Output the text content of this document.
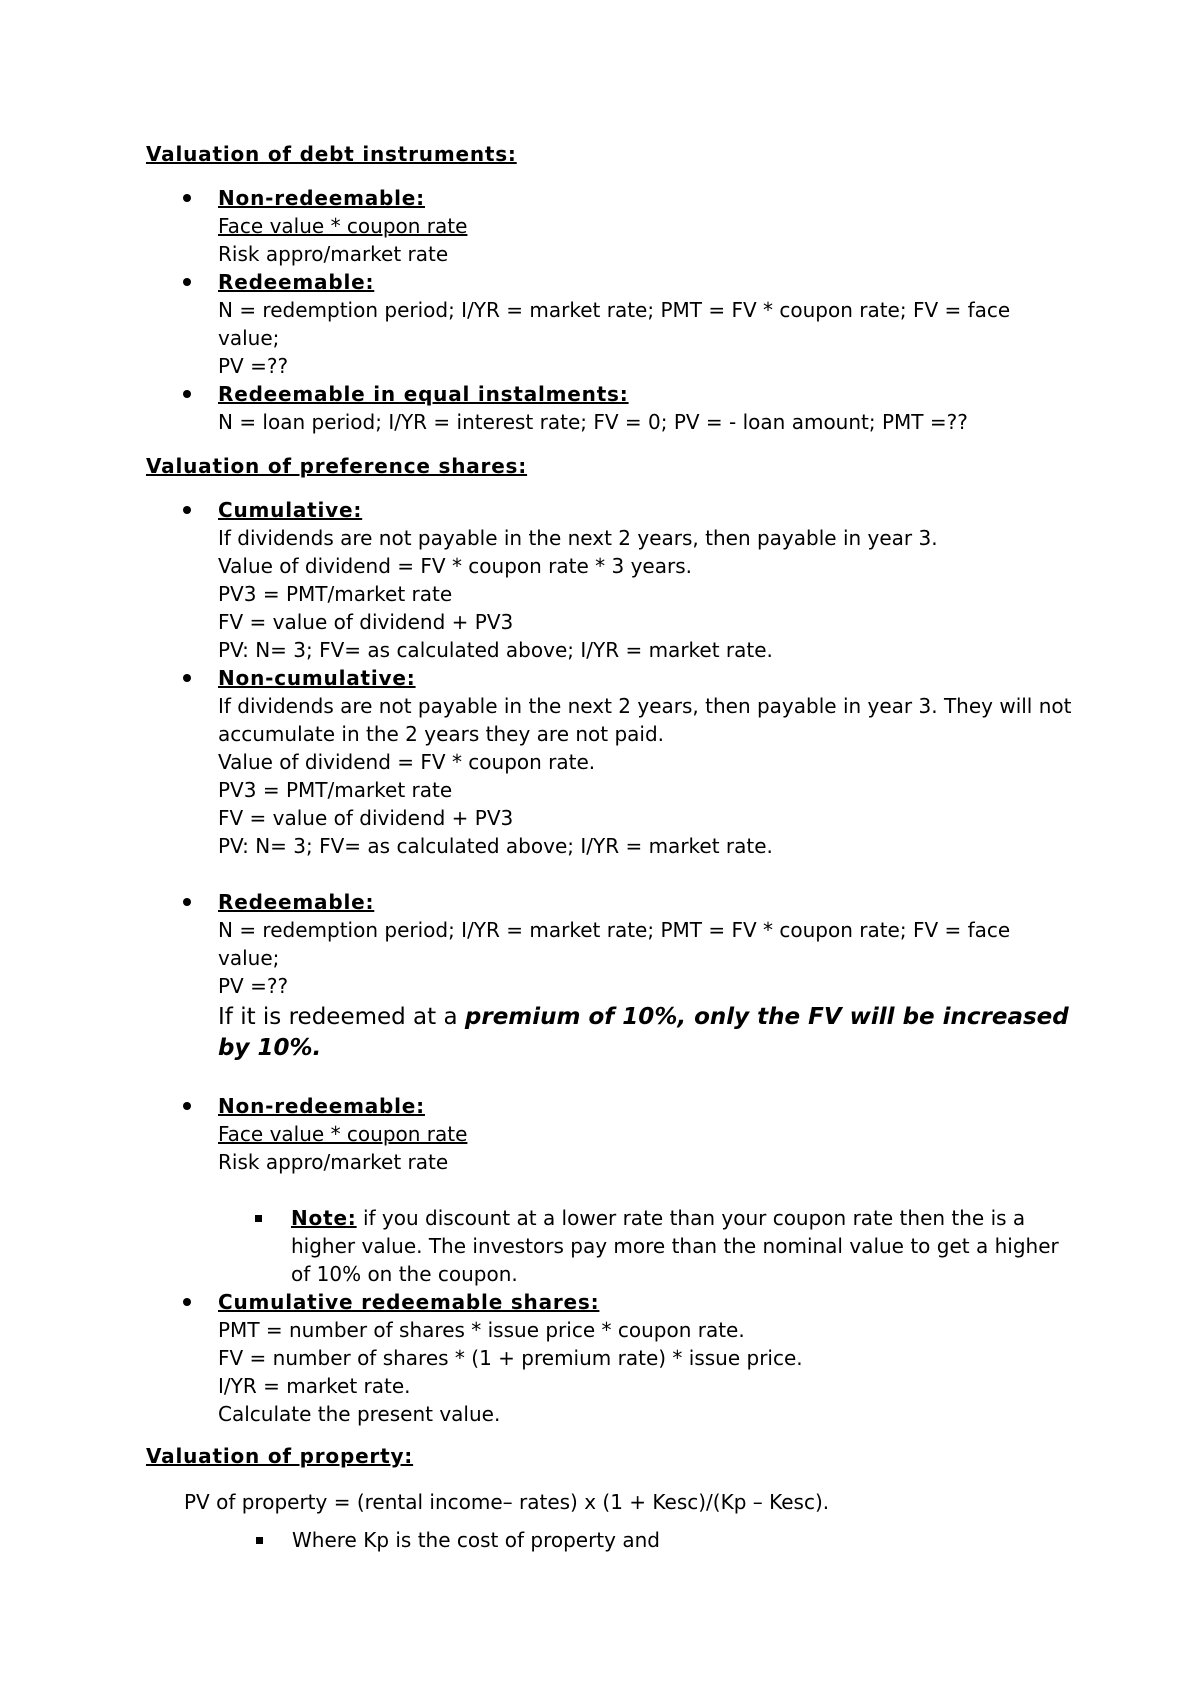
Valuation of debt instruments:

Non-redeemable:
Face value * coupon rate
Risk appro/market rate
Redeemable:
N = redemption period; I/YR = market rate; PMT = FV * coupon rate; FV = face value;
PV =??
Redeemable in equal instalments:
N = loan period; I/YR = interest rate; FV = 0; PV = - loan amount; PMT =??

Valuation of preference shares:

Cumulative:
If dividends are not payable in the next 2 years, then payable in year 3.
Value of dividend = FV * coupon rate * 3 years.
PV3 = PMT/market rate
FV = value of dividend + PV3
PV: N= 3; FV= as calculated above; I/YR = market rate.
Non-cumulative:
If dividends are not payable in the next 2 years, then payable in year 3. They will not accumulate in the 2 years they are not paid.
Value of dividend = FV * coupon rate.
PV3 = PMT/market rate
FV = value of dividend + PV3
PV: N= 3; FV= as calculated above; I/YR = market rate.
Redeemable:
N = redemption period; I/YR = market rate; PMT = FV * coupon rate; FV = face value;
PV =??
If it is redeemed at a premium of 10%, only the FV will be increased by 10%.
Non-redeemable:
Face value * coupon rate
Risk appro/market rate
Note: if you discount at a lower rate than your coupon rate then the is a higher value. The investors pay more than the nominal value to get a higher of 10% on the coupon.
Cumulative redeemable shares:
PMT = number of shares * issue price * coupon rate.
FV = number of shares * (1 + premium rate) * issue price.
I/YR = market rate.
Calculate the present value.

Valuation of property:

PV of property = (rental income– rates) x (1 + Kesc)/(Kp – Kesc).
Where Kp is the cost of property and
